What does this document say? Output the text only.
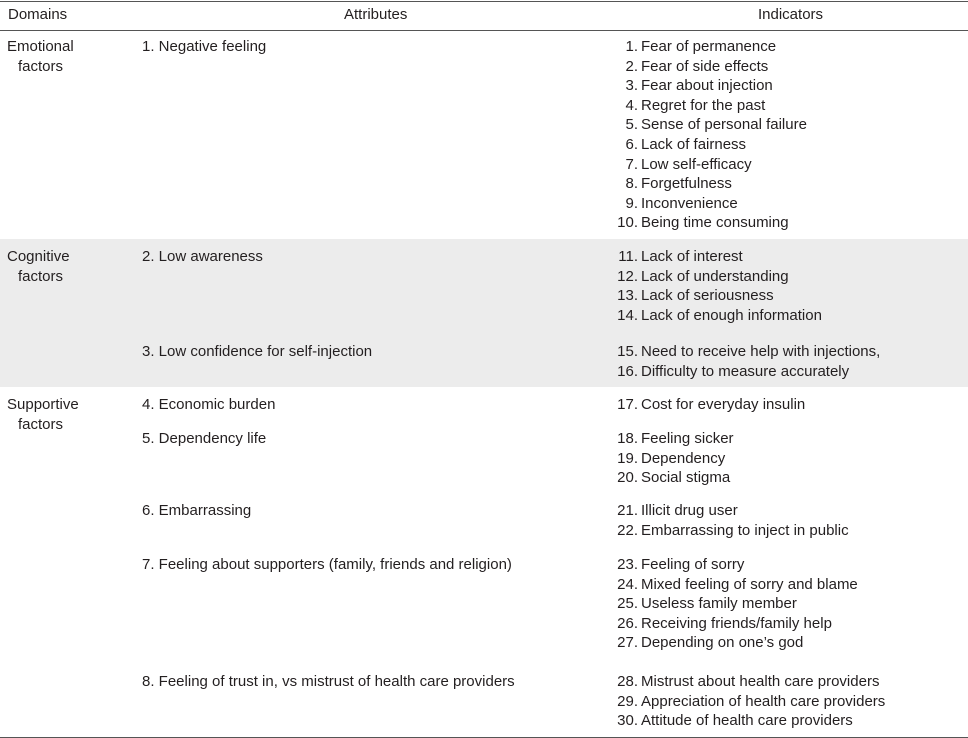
Domains	Attributes	Indicators
Emotional
factors
Cognitive
factors
Supportive
factors
1. Negative feeling
2. Low awareness
3. Low confidence for self-injection
4. Economic burden
5. Dependency life
6. Embarrassing
7. Feeling about supporters (family, friends and religion)
8. Feeling of trust in, vs mistrust of health care providers
1. Fear of permanence
2. Fear of side effects
3. Fear about injection
4. Regret for the past
5. Sense of personal failure
6. Lack of fairness
7. Low self-efficacy
8. Forgetfulness
9. Inconvenience
10. Being time consuming
11. Lack of interest
12. Lack of understanding
13. Lack of seriousness
14. Lack of enough information
15. Need to receive help with injections,
16. Difficulty to measure accurately
17. Cost for everyday insulin
18. Feeling sicker
19. Dependency
20. Social stigma
21. Illicit drug user
22. Embarrassing to inject in public
23. Feeling of sorry
24. Mixed feeling of sorry and blame
25. Useless family member
26. Receiving friends/family help
27. Depending on one’s god
28. Mistrust about health care providers
29. Appreciation of health care providers
30. Attitude of health care providers
